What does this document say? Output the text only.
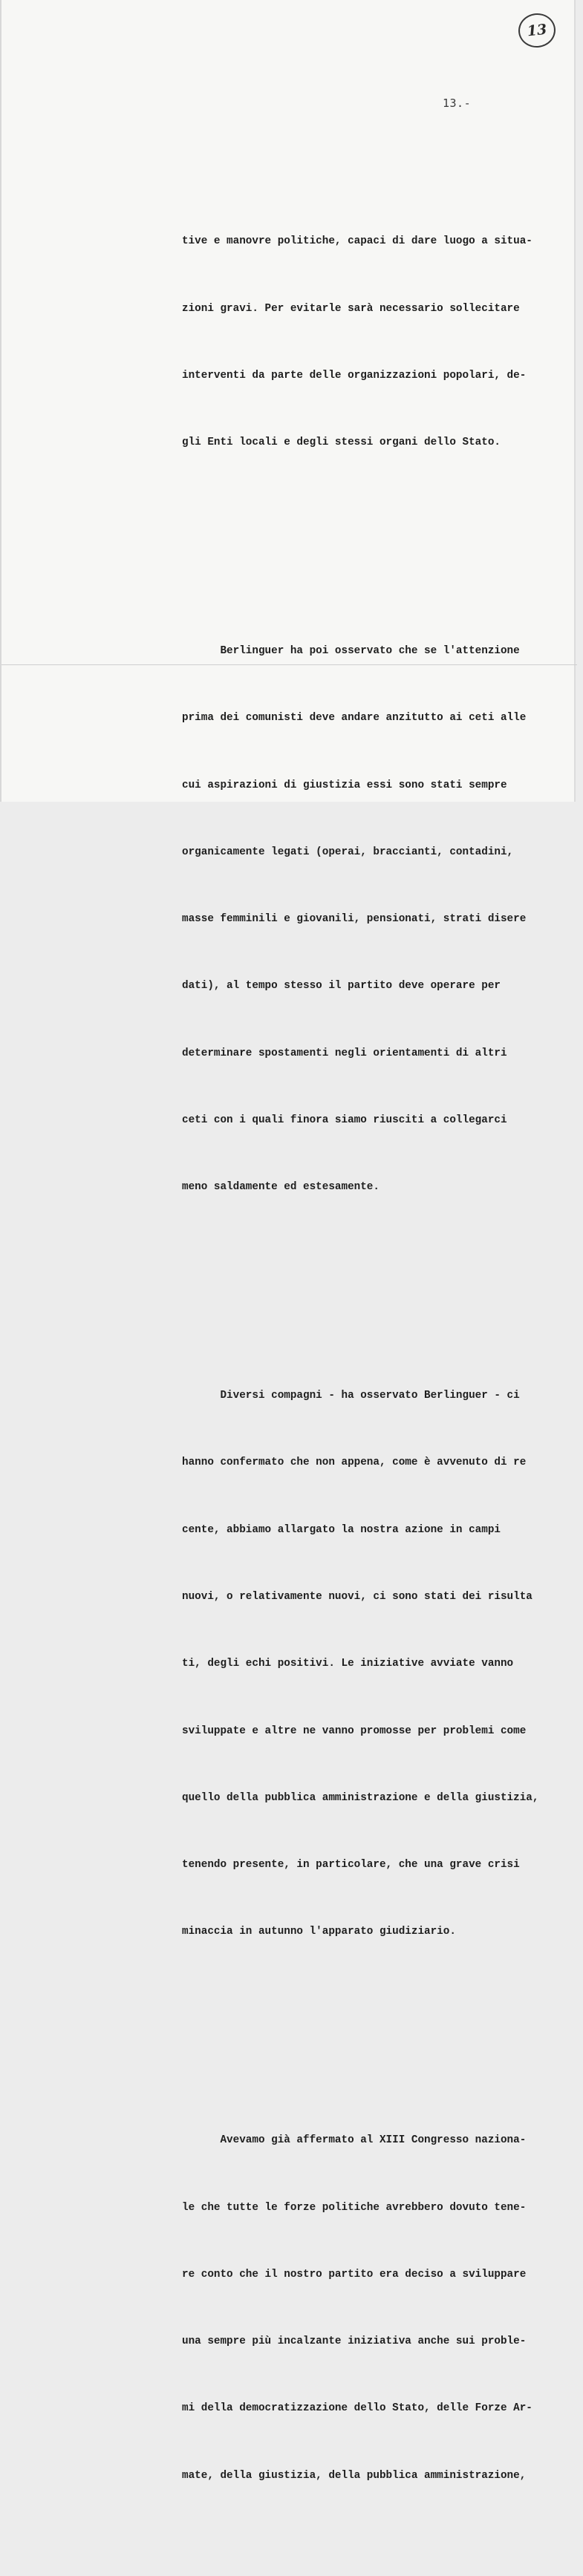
13
13.-

tive e manovre politiche, capaci di dare luogo a situa-

zioni gravi. Per evitarle sarà necessario sollecitare

interventi da parte delle organizzazioni popolari, de-

gli Enti locali e degli stessi organi dello Stato.

Berlinguer ha poi osservato che se l'attenzione

prima dei comunisti deve andare anzitutto ai ceti alle

cui aspirazioni di giustizia essi sono stati sempre

organicamente legati (operai, braccianti, contadini,

masse femminili e giovanili, pensionati, strati disere

dati), al tempo stesso il partito deve operare per

determinare spostamenti negli orientamenti di altri

ceti con i quali finora siamo riusciti a collegarci

meno saldamente ed estesamente.

Diversi compagni - ha osservato Berlinguer - ci

hanno confermato che non appena, come è avvenuto di re

cente, abbiamo allargato la nostra azione in campi

nuovi, o relativamente nuovi, ci sono stati dei risulta

ti, degli echi positivi. Le iniziative avviate vanno

sviluppate e altre ne vanno promosse per problemi come

quello della pubblica amministrazione e della giustizia,

tenendo presente, in particolare, che una grave crisi

minaccia in autunno l'apparato giudiziario.

Avevamo già affermato al XIII Congresso naziona-

le che tutte le forze politiche avrebbero dovuto tene-

re conto che il nostro partito era deciso a sviluppare

una sempre più incalzante iniziativa anche sui proble-

mi della democratizzazione dello Stato, delle Forze Ar-

mate, della giustizia, della pubblica amministrazione,
